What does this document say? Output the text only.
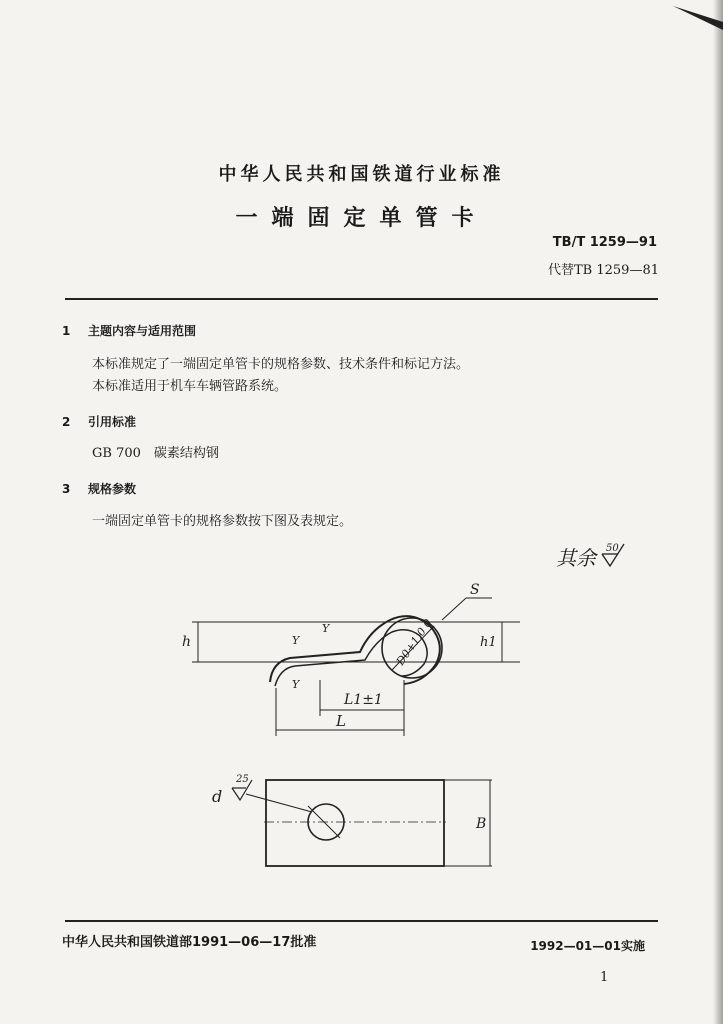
中华人民共和国铁道行业标准
一端固定单管卡
TB/T 1259—91
代替TB 1259—81
1 主题内容与适用范围
本标准规定了一端固定单管卡的规格参数、技术条件和标记方法。
本标准适用于机车车辆管路系统。
2 引用标准
GB 700　碳素结构钢
3 规格参数
一端固定单管卡的规格参数按下图及表规定。
其余 50
h	D0+1.0 0
S
h1
Y
Y
Y
L1±1
L
d
25
B
中华人民共和国铁道部1991—06—17批准	1992—01—01实施
1
